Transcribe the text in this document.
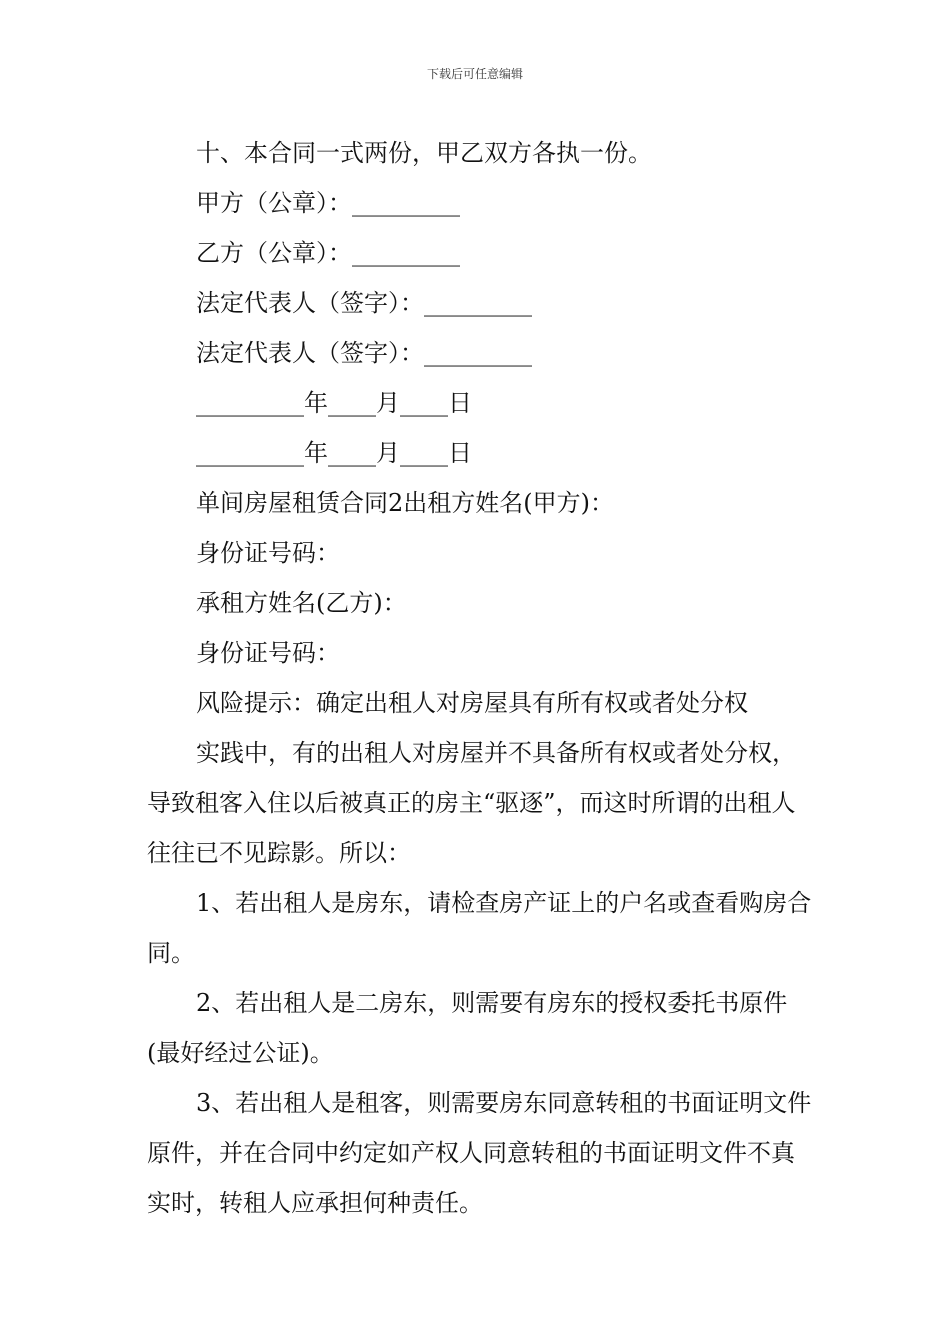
下载后可任意编辑
十、本合同一式两份，甲乙双方各执一份。
甲方（公章）：_________
乙方（公章）：_________
法定代表人（签字）：_________
法定代表人（签字）：_________
_________年____月____日
_________年____月____日
单间房屋租赁合同2出租方姓名(甲方)：
身份证号码：
承租方姓名(乙方)：
身份证号码：
风险提示：确定出租人对房屋具有所有权或者处分权

实践中，有的出租人对房屋并不具备所有权或者处分权，导致租客入住以后被真正的房主“驱逐”，而这时所谓的出租人往往已不见踪影。所以：

1、若出租人是房东，请检查房产证上的户名或查看购房合同。

2、若出租人是二房东，则需要有房东的授权委托书原件(最好经过公证)。

3、若出租人是租客，则需要房东同意转租的书面证明文件原件，并在合同中约定如产权人同意转租的书面证明文件不真实时，转租人应承担何种责任。
